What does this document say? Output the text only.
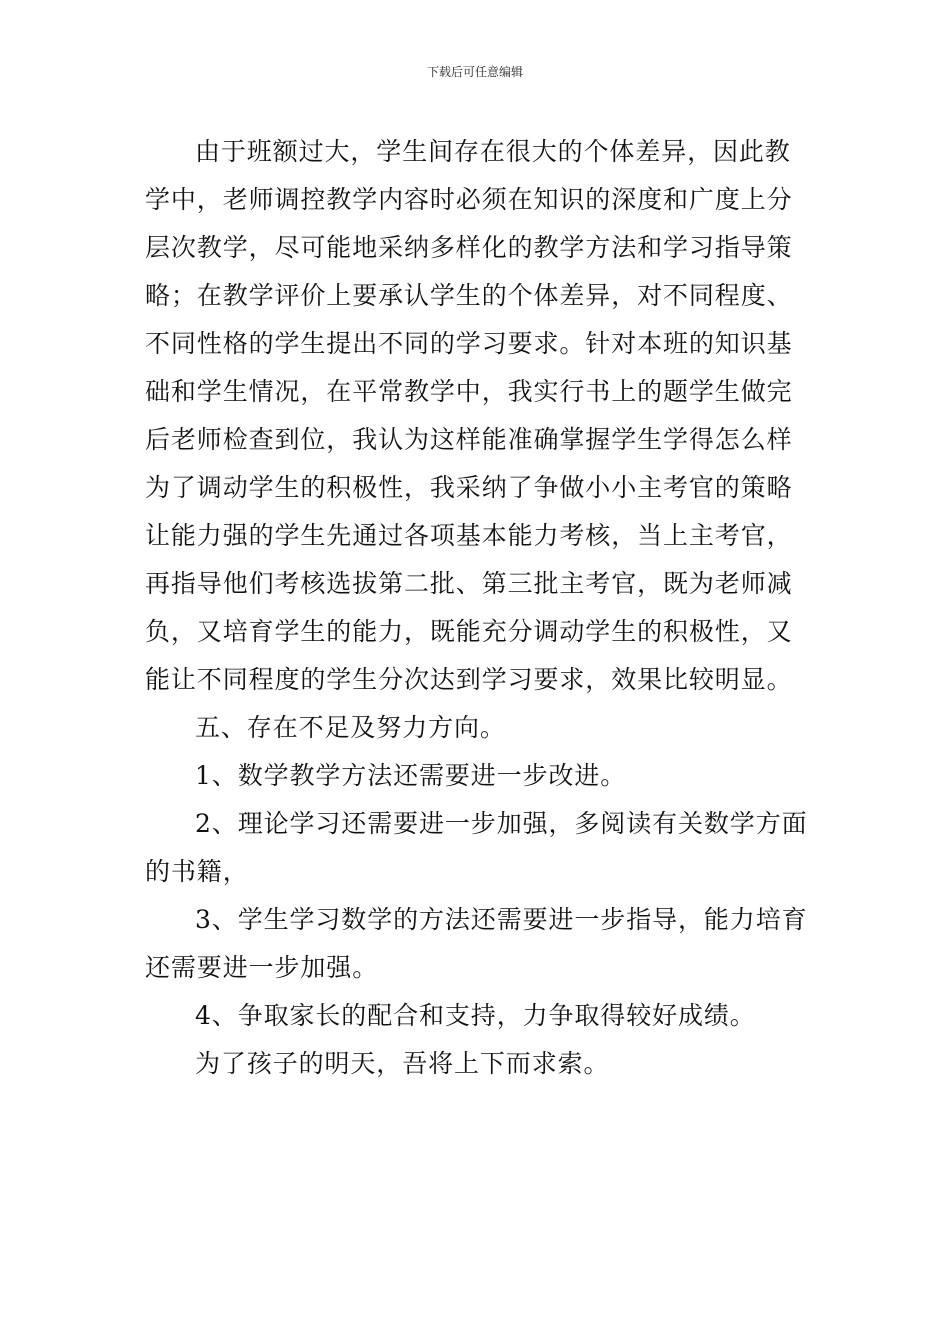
下载后可任意编辑

由于班额过大，学生间存在很大的个体差异，因此教学中，老师调控教学内容时必须在知识的深度和广度上分层次教学，尽可能地采纳多样化的教学方法和学习指导策略；在教学评价上要承认学生的个体差异，对不同程度、不同性格的学生提出不同的学习要求。针对本班的知识基础和学生情况，在平常教学中，我实行书上的题学生做完后老师检查到位，我认为这样能准确掌握学生学得怎么样为了调动学生的积极性，我采纳了争做小小主考官的策略让能力强的学生先通过各项基本能力考核，当上主考官，再指导他们考核选拔第二批、第三批主考官，既为老师减负，又培育学生的能力，既能充分调动学生的积极性，又能让不同程度的学生分次达到学习要求，效果比较明显。

五、存在不足及努力方向。

1、数学教学方法还需要进一步改进。

2、理论学习还需要进一步加强，多阅读有关数学方面的书籍，

3、学生学习数学的方法还需要进一步指导，能力培育还需要进一步加强。

4、争取家长的配合和支持，力争取得较好成绩。

为了孩子的明天，吾将上下而求索。
